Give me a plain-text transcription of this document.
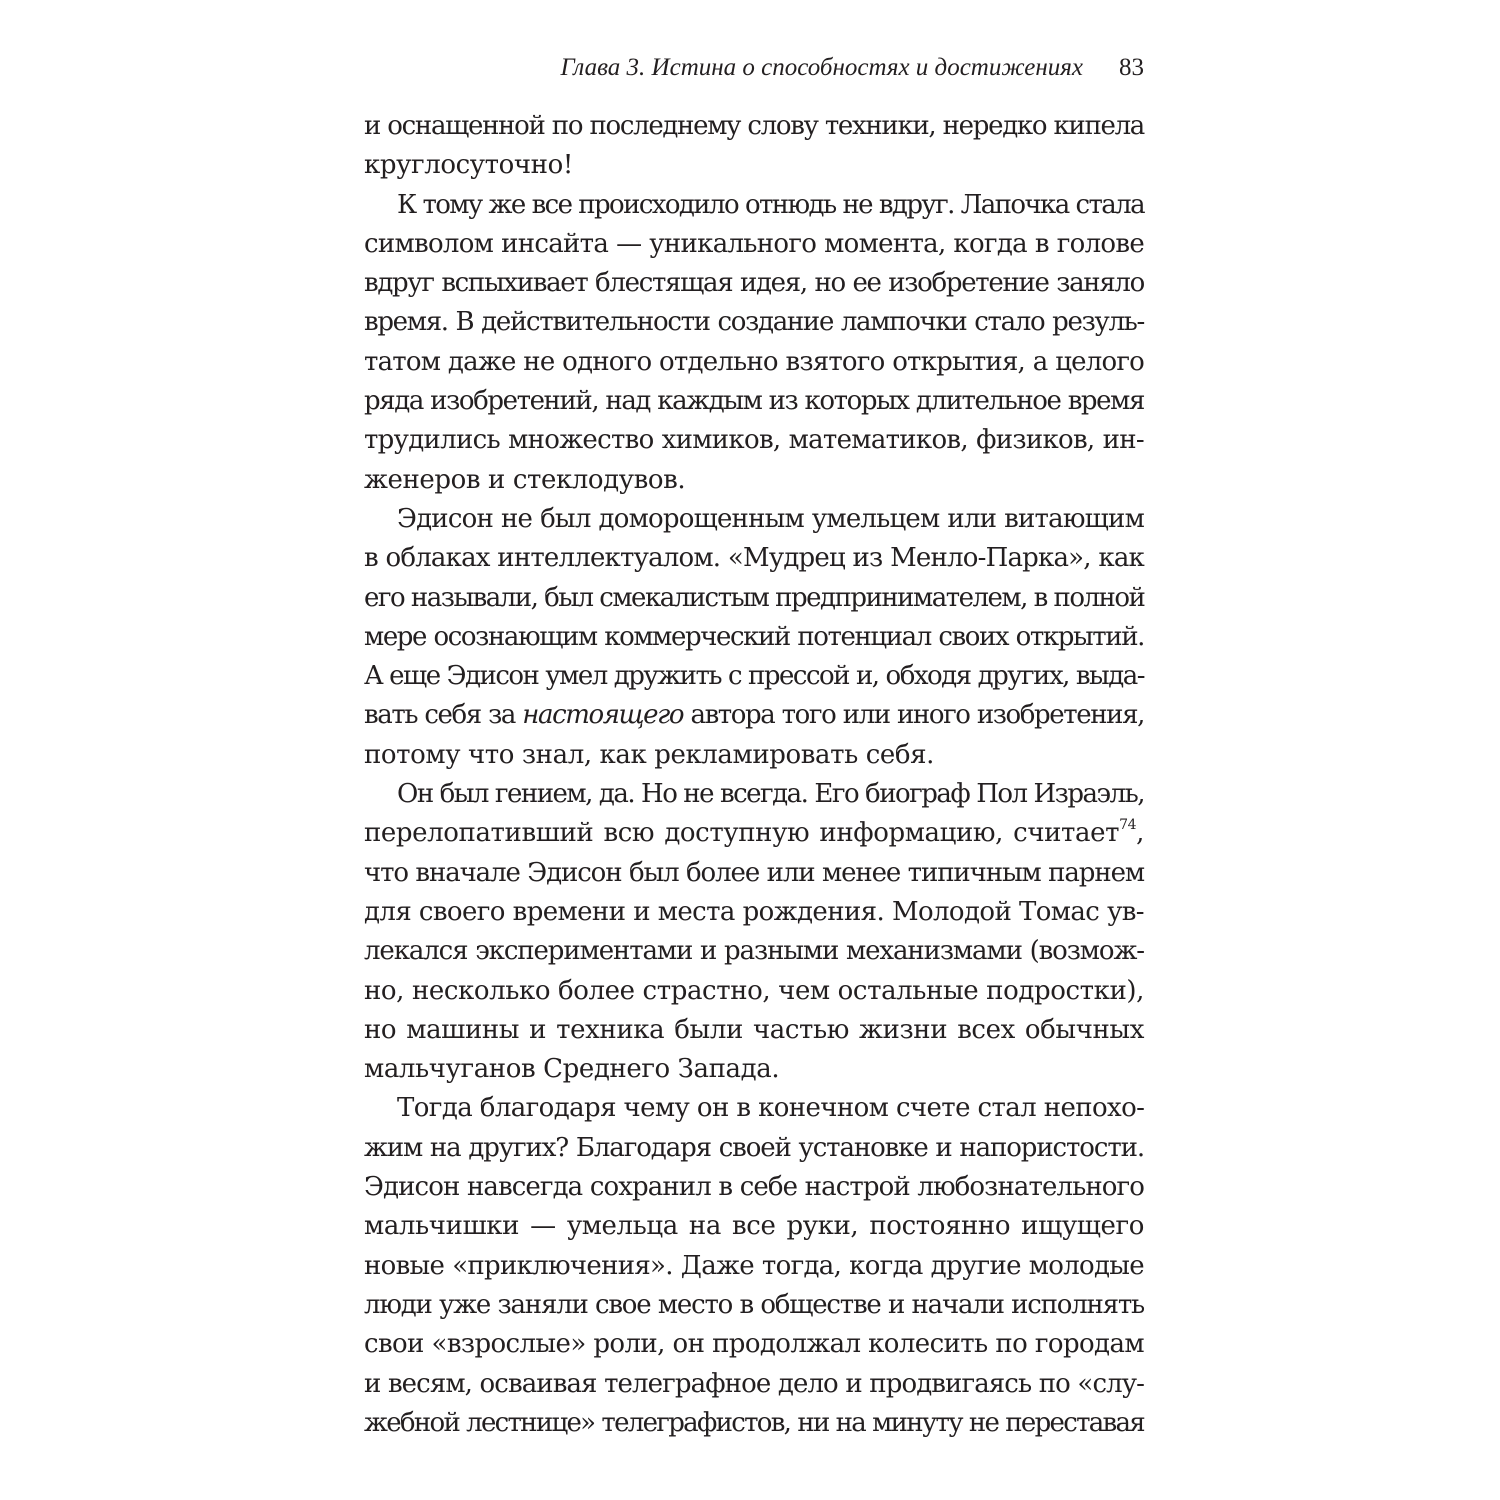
Глава 3. Истина о способностях и достижениях 83
и оснащенной по последнему слову техники, нередко кипела
круглосуточно!
К тому же все происходило отнюдь не вдруг. Лапочка стала
символом инсайта — уникального момента, когда в голове
вдруг вспыхивает блестящая идея, но ее изобретение заняло
время. В действительности создание лампочки стало резуль-
татом даже не одного отдельно взятого открытия, а целого
ряда изобретений, над каждым из которых длительное время
трудились множество химиков, математиков, физиков, ин-
женеров и стеклодувов.
Эдисон не был доморощенным умельцем или витающим
в облаках интеллектуалом. «Мудрец из Менло-Парка», как
его называли, был смекалистым предпринимателем, в полной
мере осознающим коммерческий потенциал своих открытий.
А еще Эдисон умел дружить с прессой и, обходя других, выда-
вать себя за настоящего автора того или иного изобретения,
потому что знал, как рекламировать себя.
Он был гением, да. Но не всегда. Его биограф Пол Израэль,
перелопативший всю доступную информацию, считает$^{74}$,
что вначале Эдисон был более или менее типичным парнем
для своего времени и места рождения. Молодой Томас ув-
лекался экспериментами и разными механизмами (возмож-
но, несколько более страстно, чем остальные подростки),
но машины и техника были частью жизни всех обычных
мальчуганов Среднего Запада.
Тогда благодаря чему он в конечном счете стал непохо-
жим на других? Благодаря своей установке и напористости.
Эдисон навсегда сохранил в себе настрой любознательного
мальчишки — умельца на все руки, постоянно ищущего
новые «приключения». Даже тогда, когда другие молодые
люди уже заняли свое место в обществе и начали исполнять
свои «взрослые» роли, он продолжал колесить по городам
и весям, осваивая телеграфное дело и продвигаясь по «слу-
жебной лестнице» телеграфистов, ни на минуту не переставая
